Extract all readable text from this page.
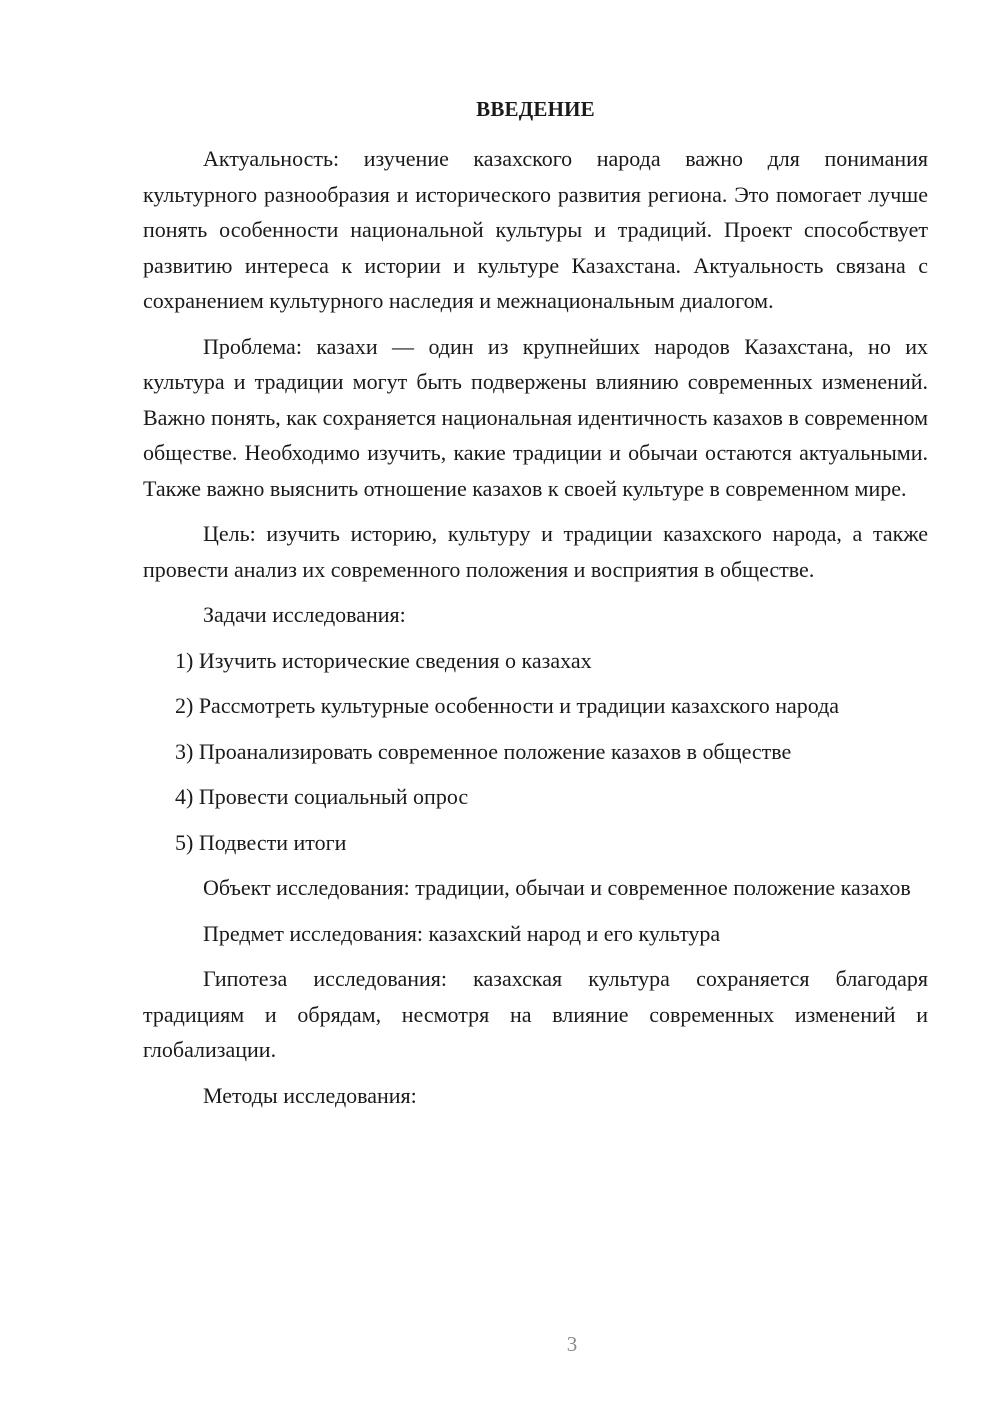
ВВЕДЕНИЕ

Актуальность: изучение казахского народа важно для понимания культурного разнообразия и исторического развития региона. Это помогает лучше понять особенности национальной культуры и традиций. Проект способствует развитию интереса к истории и культуре Казахстана. Актуальность связана с сохранением культурного наследия и межнациональным диалогом.

Проблема: казахи — один из крупнейших народов Казахстана, но их культура и традиции могут быть подвержены влиянию современных изменений. Важно понять, как сохраняется национальная идентичность казахов в современном обществе. Необходимо изучить, какие традиции и обычаи остаются актуальными. Также важно выяснить отношение казахов к своей культуре в современном мире.

Цель: изучить историю, культуру и традиции казахского народа, а также провести анализ их современного положения и восприятия в обществе.

Задачи исследования:

1) Изучить исторические сведения о казахах

2) Рассмотреть культурные особенности и традиции казахского народа

3) Проанализировать современное положение казахов в обществе

4) Провести социальный опрос

5) Подвести итоги

Объект исследования: традиции, обычаи и современное положение казахов

Предмет исследования: казахский народ и его культура

Гипотеза исследования: казахская культура сохраняется благодаря традициям и обрядам, несмотря на влияние современных изменений и глобализации.

Методы исследования:

3
